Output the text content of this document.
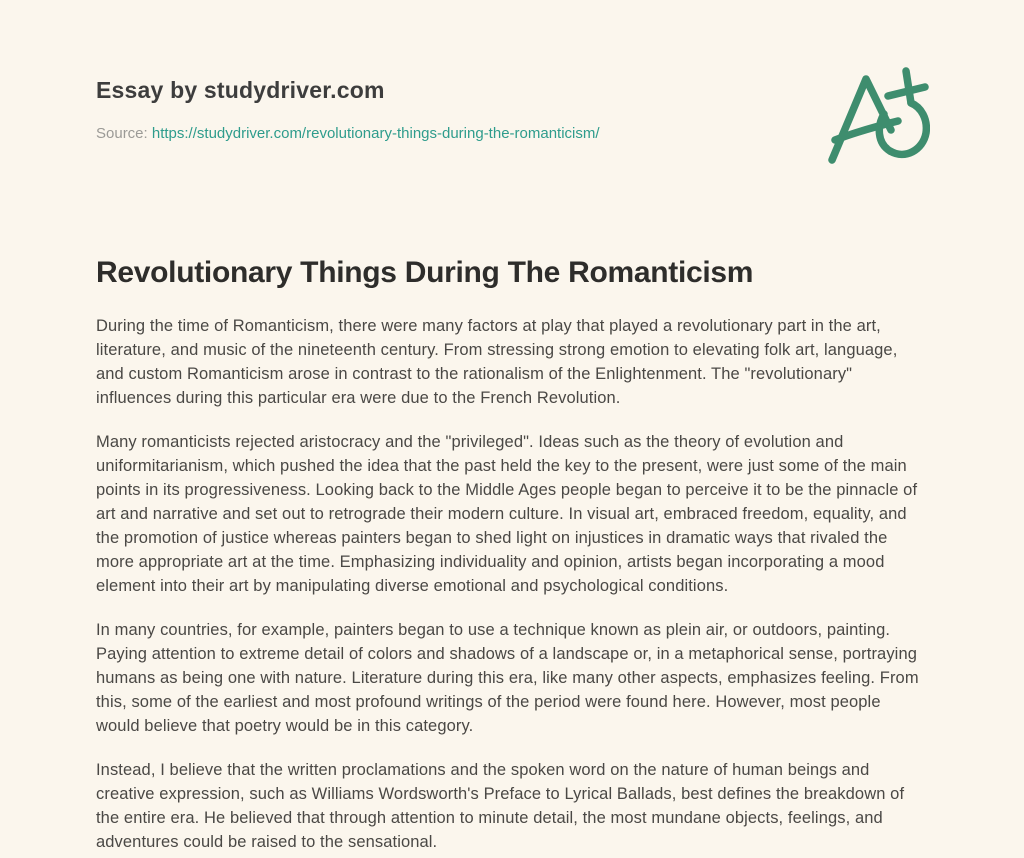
Essay by studydriver.com

Source: https://studydriver.com/revolutionary-things-during-the-romanticism/

Revolutionary Things During The Romanticism

During the time of Romanticism, there were many factors at play that played a revolutionary part in the art, literature, and music of the nineteenth century. From stressing strong emotion to elevating folk art, language, and custom Romanticism arose in contrast to the rationalism of the Enlightenment. The "revolutionary" influences during this particular era were due to the French Revolution.

Many romanticists rejected aristocracy and the "privileged". Ideas such as the theory of evolution and uniformitarianism, which pushed the idea that the past held the key to the present, were just some of the main points in its progressiveness. Looking back to the Middle Ages people began to perceive it to be the pinnacle of art and narrative and set out to retrograde their modern culture. In visual art, embraced freedom, equality, and the promotion of justice whereas painters began to shed light on injustices in dramatic ways that rivaled the more appropriate art at the time. Emphasizing individuality and opinion, artists began incorporating a mood element into their art by manipulating diverse emotional and psychological conditions.

In many countries, for example, painters began to use a technique known as plein air, or outdoors, painting. Paying attention to extreme detail of colors and shadows of a landscape or, in a metaphorical sense, portraying humans as being one with nature. Literature during this era, like many other aspects, emphasizes feeling. From this, some of the earliest and most profound writings of the period were found here. However, most people would believe that poetry would be in this category.

Instead, I believe that the written proclamations and the spoken word on the nature of human beings and creative expression, such as Williams Wordsworth's Preface to Lyrical Ballads, best defines the breakdown of the entire era. He believed that through attention to minute detail, the most mundane objects, feelings, and adventures could be raised to the sensational.
